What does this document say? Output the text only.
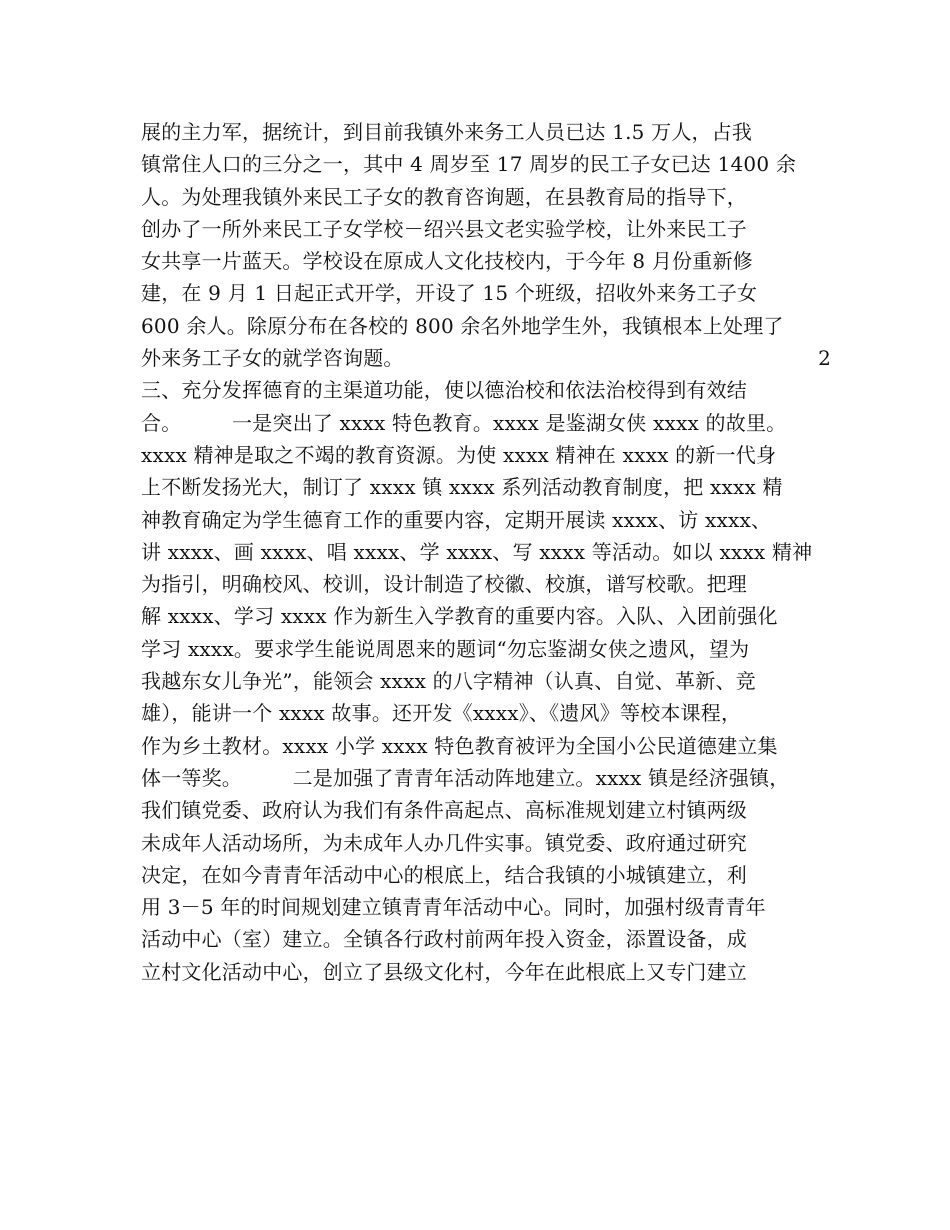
展的主力军，据统计，到目前我镇外来务工人员已达 1.5 万人，占我
镇常住人口的三分之一，其中 4 周岁至 17 周岁的民工子女已达 1400 余
人。为处理我镇外来民工子女的教育咨询题，在县教育局的指导下，
创办了一所外来民工子女学校－绍兴县文老实验学校，让外来民工子
女共享一片蓝天。学校设在原成人文化技校内，于今年 8 月份重新修
建，在 9 月 1 日起正式开学，开设了 15 个班级，招收外来务工子女
600 余人。除原分布在各校的 800 余名外地学生外，我镇根本上处理了
外来务工子女的就学咨询题。	2
三、充分发挥德育的主渠道功能，使以德治校和依法治校得到有效结
合。　　　一是突出了 xxxx 特色教育。xxxx 是鉴湖女侠 xxxx 的故里。
xxxx 精神是取之不竭的教育资源。为使 xxxx 精神在 xxxx 的新一代身
上不断发扬光大，制订了 xxxx 镇 xxxx 系列活动教育制度，把 xxxx 精
神教育确定为学生德育工作的重要内容，定期开展读 xxxx、访 xxxx、
讲 xxxx、画 xxxx、唱 xxxx、学 xxxx、写 xxxx 等活动。如以 xxxx 精神
为指引，明确校风、校训，设计制造了校徽、校旗，谱写校歌。把理
解 xxxx、学习 xxxx 作为新生入学教育的重要内容。入队、入团前强化
学习 xxxx。要求学生能说周恩来的题词“勿忘鉴湖女侠之遗风，望为
我越东女儿争光”，能领会 xxxx 的八字精神（认真、自觉、革新、竞
雄），能讲一个 xxxx 故事。还开发《xxxx》、《遗风》等校本课程，
作为乡土教材。xxxx 小学 xxxx 特色教育被评为全国小公民道德建立集
体一等奖。　　　二是加强了青青年活动阵地建立。xxxx 镇是经济强镇，
我们镇党委、政府认为我们有条件高起点、高标准规划建立村镇两级
未成年人活动场所，为未成年人办几件实事。镇党委、政府通过研究
决定，在如今青青年活动中心的根底上，结合我镇的小城镇建立，利
用 3－5 年的时间规划建立镇青青年活动中心。同时，加强村级青青年
活动中心（室）建立。全镇各行政村前两年投入资金，添置设备，成
立村文化活动中心，创立了县级文化村，今年在此根底上又专门建立
